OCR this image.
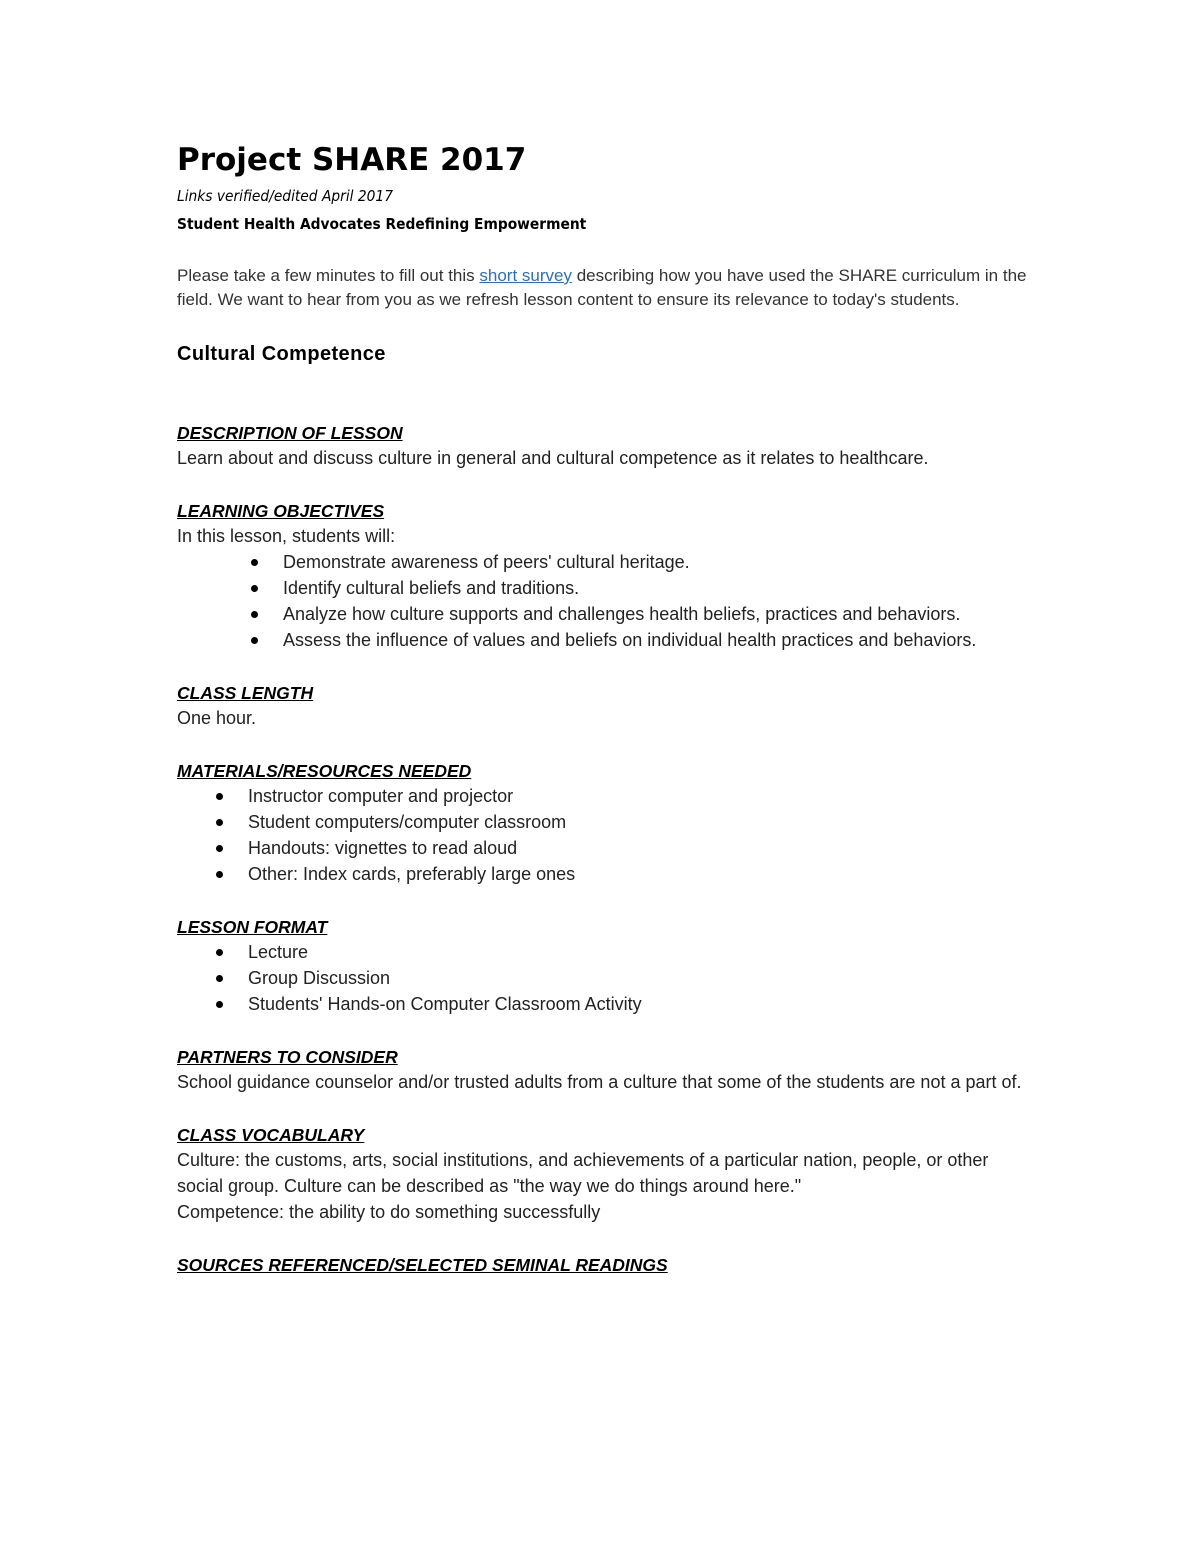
Project SHARE 2017
Links verified/edited April 2017
Student Health Advocates Redefining Empowerment
Please take a few minutes to fill out this short survey describing how you have used the SHARE curriculum in the field. We want to hear from you as we refresh lesson content to ensure its relevance to today's students.
Cultural Competence
DESCRIPTION OF LESSON
Learn about and discuss culture in general and cultural competence as it relates to healthcare.
LEARNING OBJECTIVES
In this lesson, students will:
Demonstrate awareness of peers' cultural heritage.
Identify cultural beliefs and traditions.
Analyze how culture supports and challenges health beliefs, practices and behaviors.
Assess the influence of values and beliefs on individual health practices and behaviors.
CLASS LENGTH
One hour.
MATERIALS/RESOURCES NEEDED
Instructor computer and projector
Student computers/computer classroom
Handouts: vignettes to read aloud
Other: Index cards, preferably large ones
LESSON FORMAT
Lecture
Group Discussion
Students' Hands-on Computer Classroom Activity
PARTNERS TO CONSIDER
School guidance counselor and/or trusted adults from a culture that some of the students are not a part of.
CLASS VOCABULARY
Culture: the customs, arts, social institutions, and achievements of a particular nation, people, or other social group. Culture can be described as "the way we do things around here."
Competence: the ability to do something successfully
SOURCES REFERENCED/SELECTED SEMINAL READINGS
